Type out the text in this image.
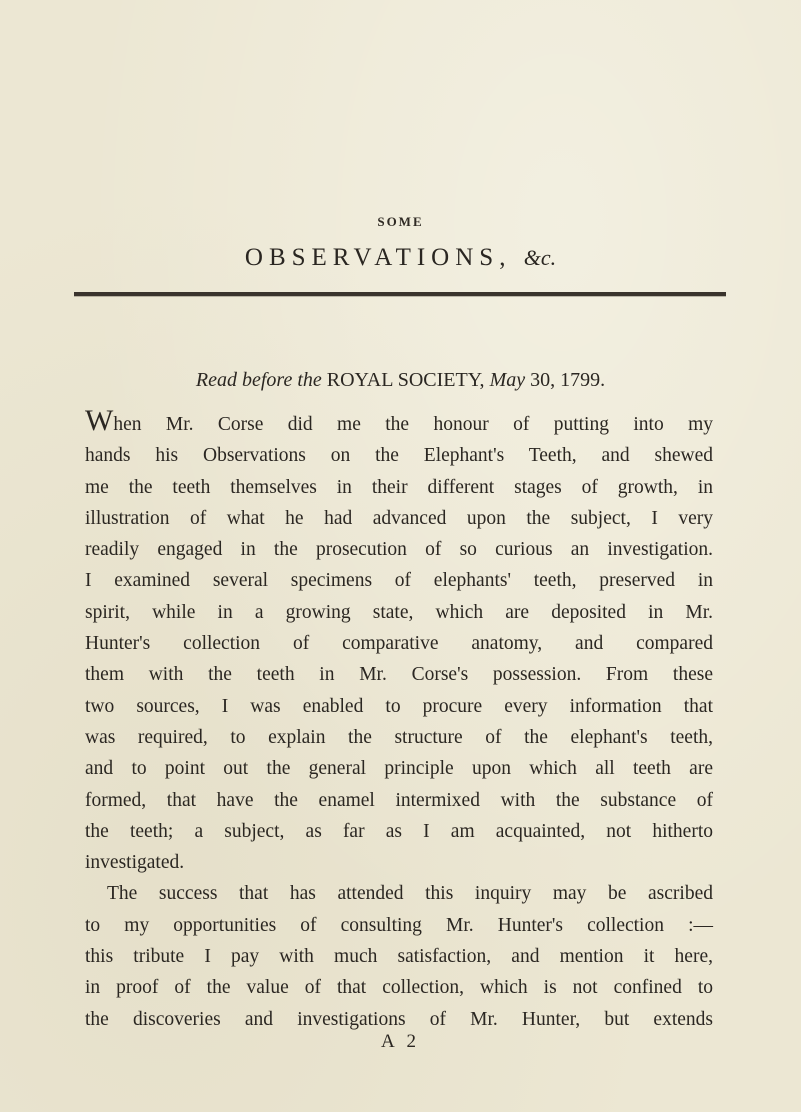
SOME
OBSERVATIONS, &c.
Read before the ROYAL SOCIETY, May 30, 1799.
When Mr. Corse did me the honour of putting into my
hands his Observations on the Elephant's Teeth, and shewed
me the teeth themselves in their different stages of growth, in
illustration of what he had advanced upon the subject, I very
readily engaged in the prosecution of so curious an investigation.
I examined several specimens of elephants' teeth, preserved in
spirit, while in a growing state, which are deposited in Mr.
Hunter's collection of comparative anatomy, and compared
them with the teeth in Mr. Corse's possession. From these
two sources, I was enabled to procure every information that
was required, to explain the structure of the elephant's teeth,
and to point out the general principle upon which all teeth are
formed, that have the enamel intermixed with the substance of
the teeth; a subject, as far as I am acquainted, not hitherto
investigated.
The success that has attended this inquiry may be ascribed
to my opportunities of consulting Mr. Hunter's collection :—
this tribute I pay with much satisfaction, and mention it here,
in proof of the value of that collection, which is not confined to
the discoveries and investigations of Mr. Hunter, but extends
A 2
